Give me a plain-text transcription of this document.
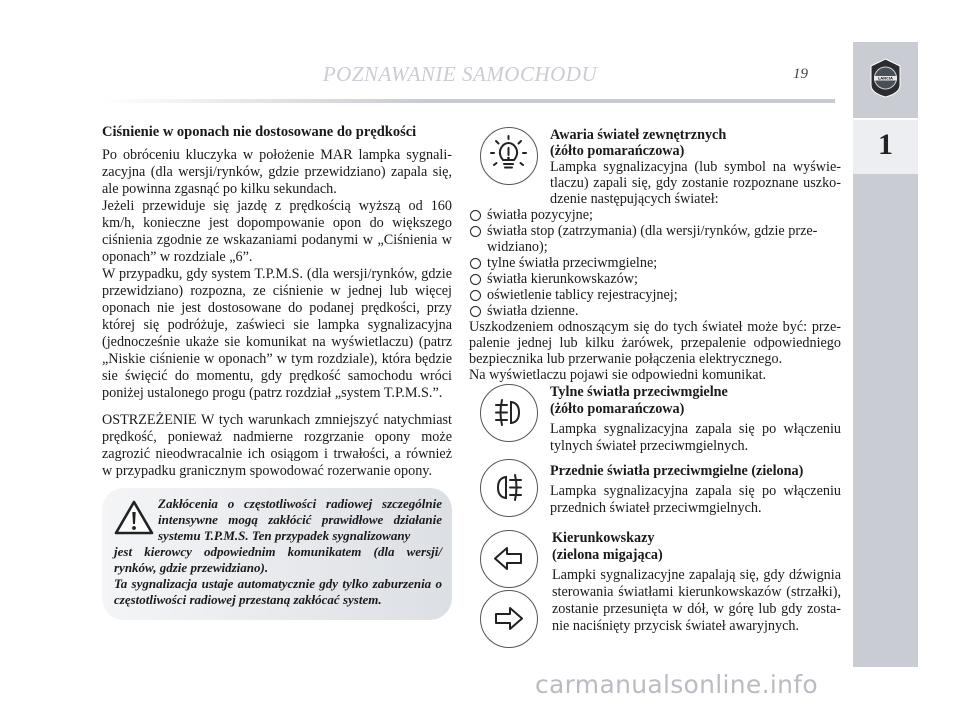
POZNAWANIE SAMOCHODU	19	LANCIA
1
Ciśnienie w oponach nie dostosowane do prędkości

Po obróceniu kluczyka w położenie MAR lampka sygnalizacyjna (dla wersji/rynków, gdzie przewidziano) zapala się, ale powinna zgasnąć po kilku sekundach.

Jeżeli przewiduje się jazdę z prędkością wyższą od 160 km/h, konieczne jest dopompowanie opon do większego ciśnienia zgodnie ze wskazaniami podanymi w „Ciśnienia w oponach” w rozdziale „6”.

W przypadku, gdy system T.P.M.S. (dla wersji/rynków, gdzie przewidziano) rozpozna, ze ciśnienie w jednej lub więcej oponach nie jest dostosowane do podanej prędkości, przy której się podróżuje, zaświeci sie lampka sygnalizacyjna (jednocześnie ukaże sie komunikat na wyświetlaczu) (patrz „Niskie ciśnienie w oponach” w tym rozdziale), która będzie sie święcić do momentu, gdy prędkość samochodu wróci poniżej ustalonego progu (patrz rozdział „system T.P.M.S.”.

OSTRZEŻENIE W tych warunkach zmniejszyć natychmiast prędkość, ponieważ nadmierne rozgrzanie opony może zagrozić nieodwracalnie ich osiągom i trwałości, a również w przypadku granicznym spowodować rozerwanie opony.

Zakłócenia o częstotliwości radiowej szczególnie intensywne mogą zakłócić prawidłowe działanie systemu T.P.M.S. Ten przypadek sygnalizowany
jest kierowcy odpowiednim komunikatem (dla wersji/ rynków, gdzie przewidziano).
Ta sygnalizacja ustaje automatycznie gdy tylko zaburzenia o częstotliwości radiowej przestaną zakłócać system.
Awaria świateł zewnętrznych
(żółto pomarańczowa)

Lampka sygnalizacyjna (lub symbol na wyświetlaczu) zapali się, gdy zostanie rozpoznane uszkodzenie następujących świateł:

światła pozycyjne;
światła stop (zatrzymania) (dla wersji/rynków, gdzie przewidziano);
tylne światła przeciwmgielne;
światła kierunkowskazów;
oświetlenie tablicy rejestracyjnej;
światła dzienne.

Uszkodzeniem odnoszącym się do tych świateł może być: przepalenie jednej lub kilku żarówek, przepalenie odpowiedniego bezpiecznika lub przerwanie połączenia elektrycznego.

Na wyświetlaczu pojawi sie odpowiedni komunikat.

Tylne światła przeciwmgielne
(żółto pomarańczowa)

Lampka sygnalizacyjna zapala się po włączeniu tylnych świateł przeciwmgielnych.

Przednie światła przeciwmgielne (zielona)

Lampka sygnalizacyjna zapala się po włączeniu przednich świateł przeciwmgielnych.

Kierunkowskazy
(zielona migająca)

Lampki sygnalizacyjne zapalają się, gdy dźwignia sterowania światłami kierunkowskazów (strzałki), zostanie przesunięta w dół, w górę lub gdy zostanie naciśnięty przycisk świateł awaryjnych.

carmanualsonline.info
